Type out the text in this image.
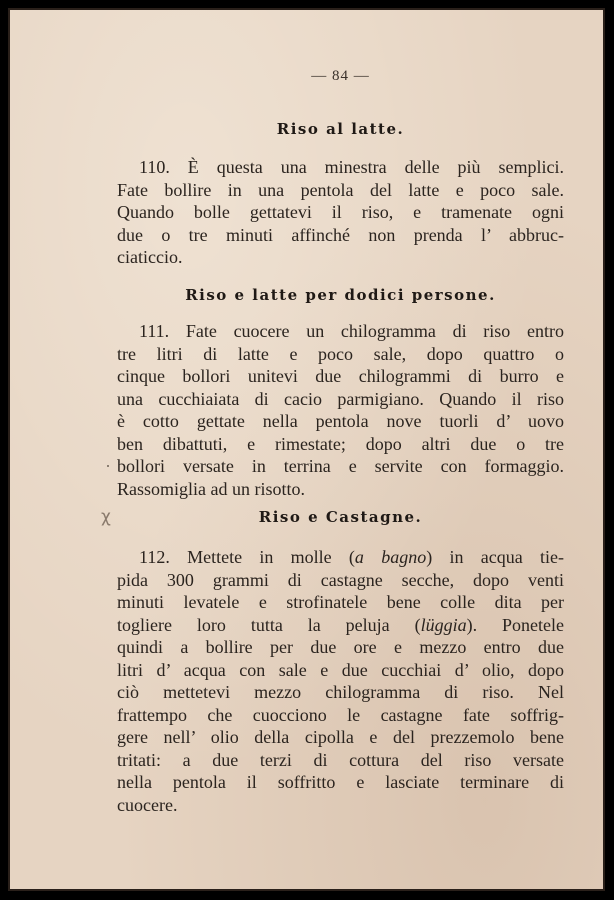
— 84 —
Riso al latte.
110. È questa una minestra delle più semplici.
Fate bollire in una pentola del latte e poco sale.
Quando bolle gettatevi il riso, e tramenate ogni
due o tre minuti affinché non prenda l’ abbruc-
ciaticcio.
Riso e latte per dodici persone.
111. Fate cuocere un chilogramma di riso entro
tre litri di latte e poco sale, dopo quattro o
cinque bollori unitevi due chilogrammi di burro e
una cucchiaiata di cacio parmigiano. Quando il riso
è cotto gettate nella pentola nove tuorli d’ uovo
ben dibattuti, e rimestate; dopo altri due o tre
bollori versate in terrina e servite con formaggio.
Rassomiglia ad un risotto.
χ	Riso e Castagne.
112. Mettete in molle (a bagno) in acqua tie-
pida 300 grammi di castagne secche, dopo venti
minuti levatele e strofinatele bene colle dita per
togliere loro tutta la peluja (lüggia). Ponetele
quindi a bollire per due ore e mezzo entro due
litri d’ acqua con sale e due cucchiai d’ olio, dopo
ciò mettetevi mezzo chilogramma di riso. Nel
frattempo che cuocciono le castagne fate soffrig-
gere nell’ olio della cipolla e del prezzemolo bene
tritati: a due terzi di cottura del riso versate
nella pentola il soffritto e lasciate terminare di
cuocere.
